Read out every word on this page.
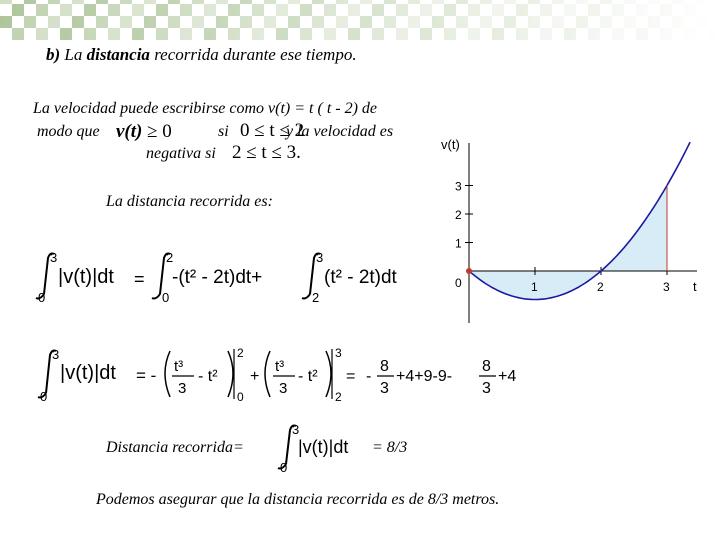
b) La distancia recorrida durante ese tiempo.
La velocidad puede escribirse como v(t) = t ( t - 2) de
modo que v(t) ≥ 0	si 0 ≤ t ≤ 2
y la velocidad es
negativa si 2 ≤ t ≤ 3.
La distancia recorrida es:
3
0
|v(t)|dt =
2
0
-(t² - 2t)dt+
3
2
(t² - 2t)dt
3
0
|v(t)|dt = - t³
3
- t²
2
0
+
t³
3
- t²
3
2
= -
8
3
+4+9-9-
8
3
+4
Distancia recorrida=
3
0
|v(t)|dt = 8/3
Podemos asegurar que la distancia recorrida es de 8/3 metros.
3
2
1
0	1	2	3
v(t)
t
